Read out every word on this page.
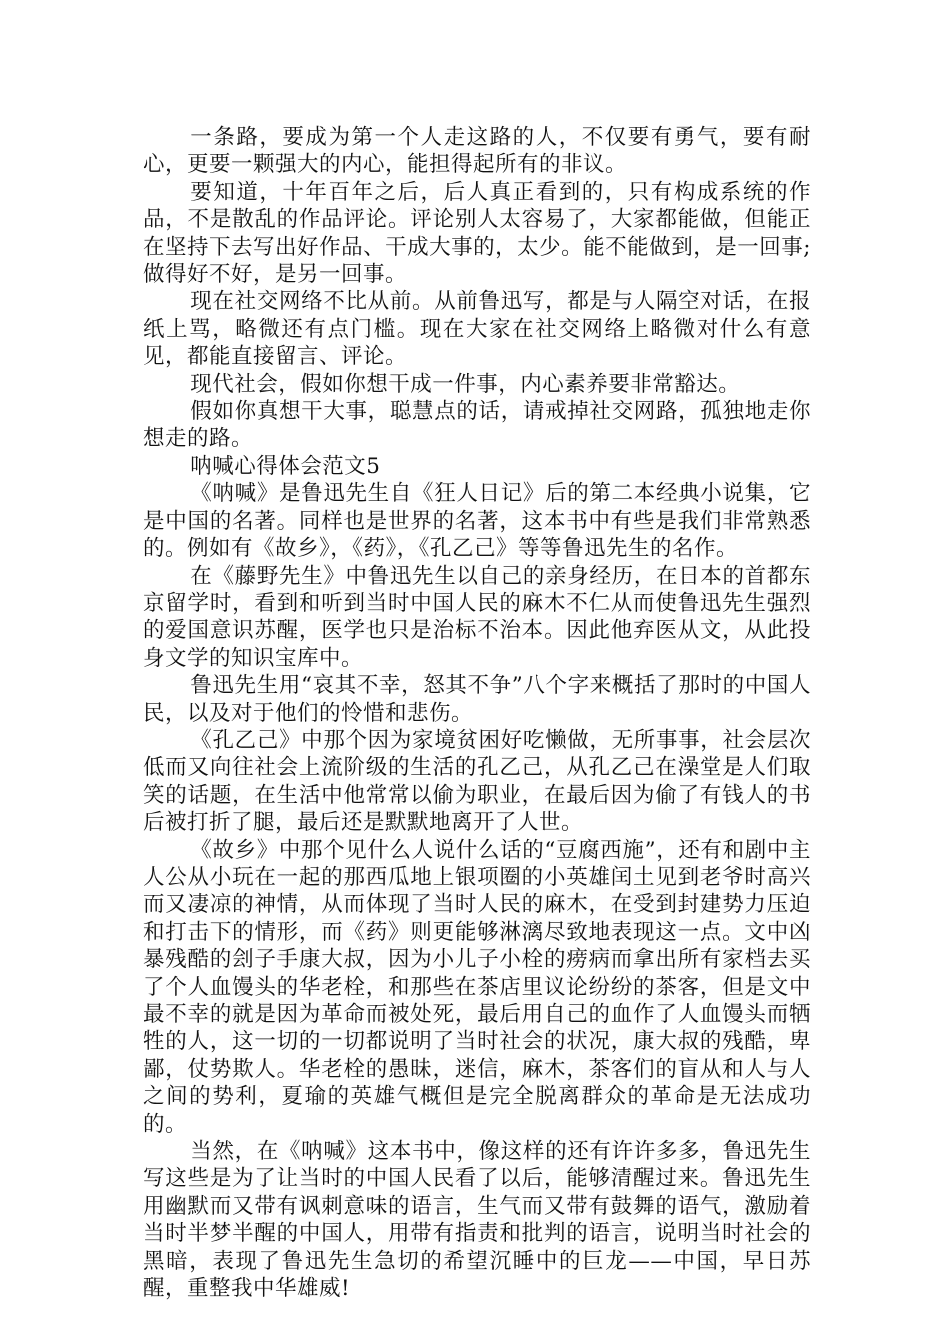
一条路，要成为第一个人走这路的人，不仅要有勇气，要有耐心，更要一颗强大的内心，能担得起所有的非议。

要知道，十年百年之后，后人真正看到的，只有构成系统的作品，不是散乱的作品评论。评论别人太容易了，大家都能做，但能正在坚持下去写出好作品、干成大事的，太少。能不能做到，是一回事;做得好不好，是另一回事。

现在社交网络不比从前。从前鲁迅写，都是与人隔空对话，在报纸上骂，略微还有点门槛。现在大家在社交网络上略微对什么有意见，都能直接留言、评论。

现代社会，假如你想干成一件事，内心素养要非常豁达。

假如你真想干大事，聪慧点的话，请戒掉社交网路，孤独地走你想走的路。

呐喊心得体会范文5

《呐喊》是鲁迅先生自《狂人日记》后的第二本经典小说集，它是中国的名著。同样也是世界的名著，这本书中有些是我们非常熟悉的。例如有《故乡》，《药》，《孔乙己》等等鲁迅先生的名作。

在《藤野先生》中鲁迅先生以自己的亲身经历，在日本的首都东京留学时，看到和听到当时中国人民的麻木不仁从而使鲁迅先生强烈的爱国意识苏醒，医学也只是治标不治本。因此他弃医从文，从此投身文学的知识宝库中。

鲁迅先生用“哀其不幸，怒其不争”八个字来概括了那时的中国人民，以及对于他们的怜惜和悲伤。

《孔乙己》中那个因为家境贫困好吃懒做，无所事事，社会层次低而又向往社会上流阶级的生活的孔乙己，从孔乙己在澡堂是人们取笑的话题，在生活中他常常以偷为职业，在最后因为偷了有钱人的书后被打折了腿，最后还是默默地离开了人世。

《故乡》中那个见什么人说什么话的“豆腐西施”，还有和剧中主人公从小玩在一起的那西瓜地上银项圈的小英雄闰土见到老爷时高兴而又凄凉的神情，从而体现了当时人民的麻木，在受到封建势力压迫和打击下的情形，而《药》则更能够淋漓尽致地表现这一点。文中凶暴残酷的刽子手康大叔，因为小儿子小栓的痨病而拿出所有家档去买了个人血馒头的华老栓，和那些在茶店里议论纷纷的茶客，但是文中最不幸的就是因为革命而被处死，最后用自己的血作了人血馒头而牺牲的人，这一切的一切都说明了当时社会的状况，康大叔的残酷，卑鄙，仗势欺人。华老栓的愚昧，迷信，麻木，茶客们的盲从和人与人之间的势利，夏瑜的英雄气概但是完全脱离群众的革命是无法成功的。

当然，在《呐喊》这本书中，像这样的还有许许多多，鲁迅先生写这些是为了让当时的中国人民看了以后，能够清醒过来。鲁迅先生用幽默而又带有讽刺意味的语言，生气而又带有鼓舞的语气，激励着当时半梦半醒的中国人，用带有指责和批判的语言，说明当时社会的黑暗，表现了鲁迅先生急切的希望沉睡中的巨龙——中国，早日苏醒，重整我中华雄威!
